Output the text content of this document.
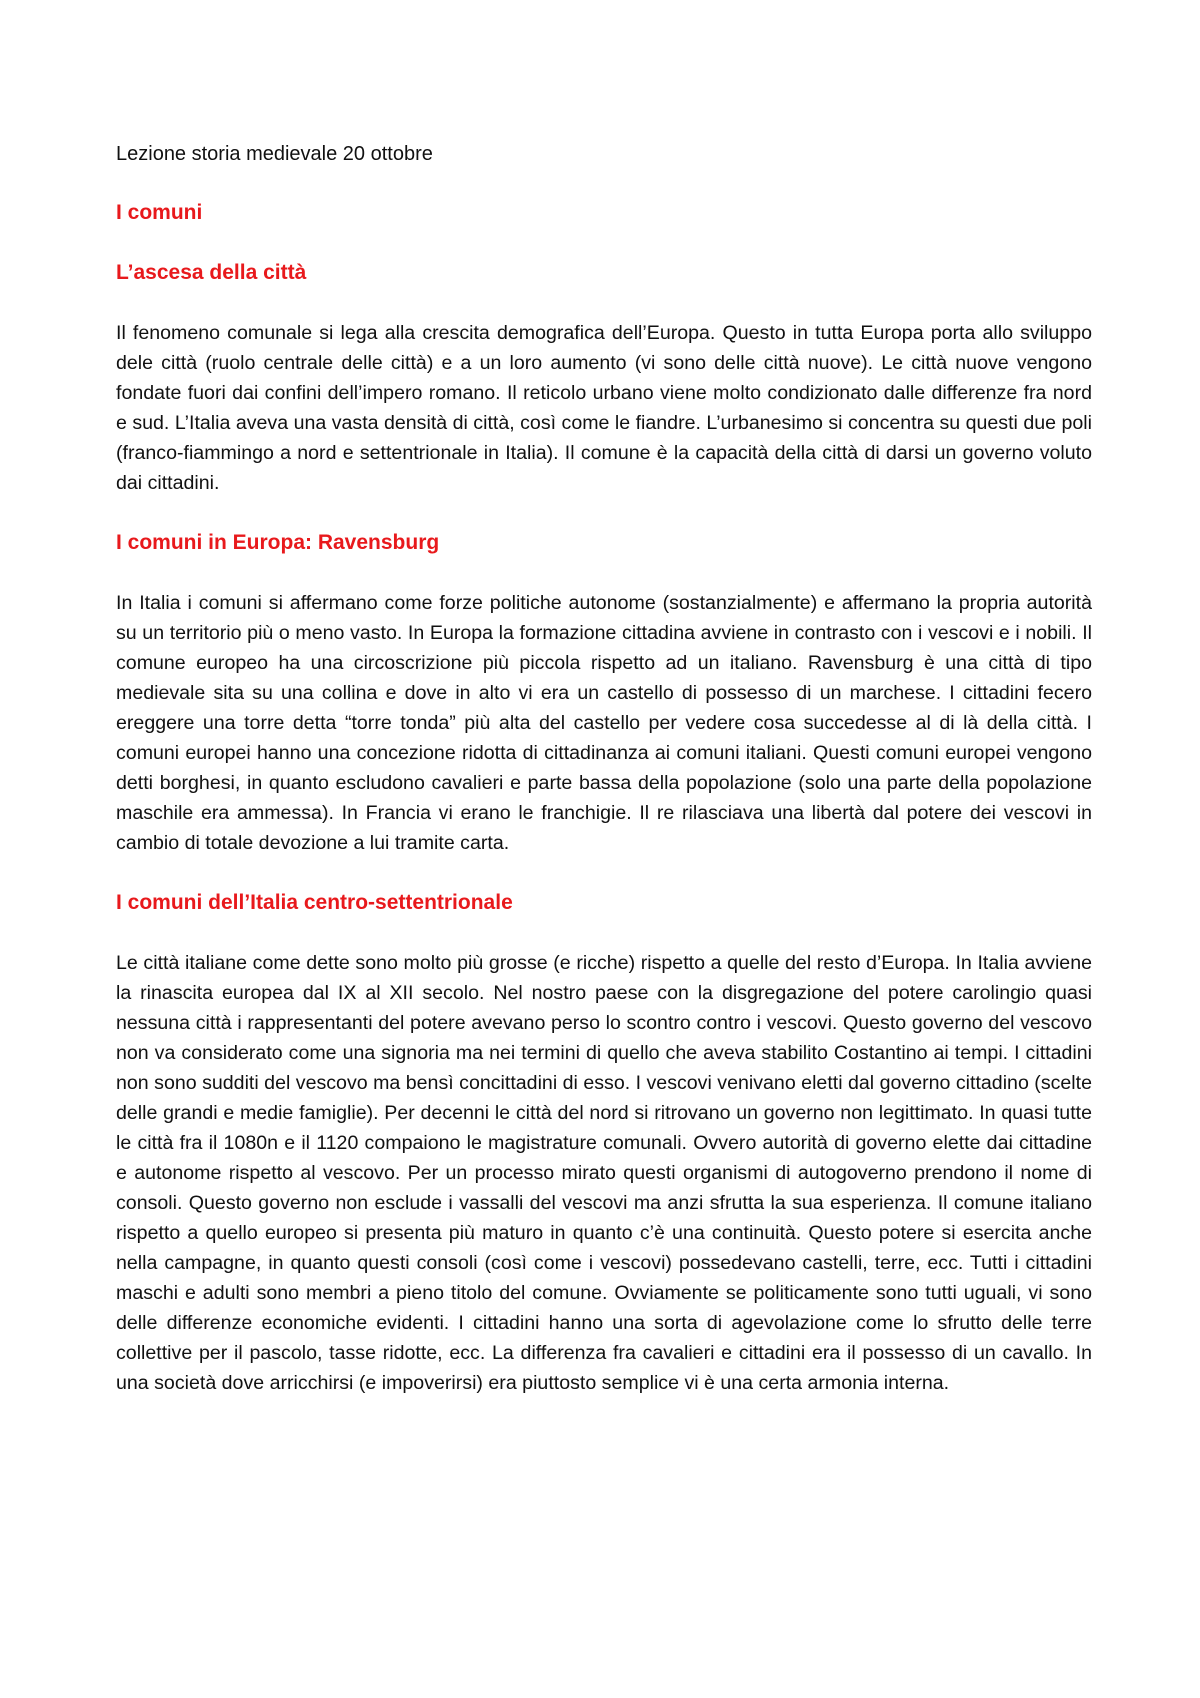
Lezione storia medievale 20 ottobre
I comuni
L’ascesa della città

Il fenomeno comunale si lega alla crescita demografica dell’Europa. Questo in tutta Europa porta allo sviluppo dele città (ruolo centrale delle città) e a un loro aumento (vi sono delle città nuove). Le città nuove vengono fondate fuori dai confini dell’impero romano. Il reticolo urbano viene molto condizionato dalle differenze fra nord e sud. L’Italia aveva una vasta densità di città, così come le fiandre. L’urbanesimo si concentra su questi due poli (franco-fiammingo a nord e settentrionale in Italia). Il comune è la capacità della città di darsi un governo voluto dai cittadini.

I comuni in Europa: Ravensburg

In Italia i comuni si affermano come forze politiche autonome (sostanzialmente) e affermano la propria autorità su un territorio più o meno vasto. In Europa la formazione cittadina avviene in contrasto con i vescovi e i nobili. Il comune europeo ha una circoscrizione più piccola rispetto ad un italiano. Ravensburg è una città di tipo medievale sita su una collina e dove in alto vi era un castello di possesso di un marchese. I cittadini fecero ereggere una torre detta “torre tonda” più alta del castello per vedere cosa succedesse al di là della città. I comuni europei hanno una concezione ridotta di cittadinanza ai comuni italiani. Questi comuni europei vengono detti borghesi, in quanto escludono cavalieri e parte bassa della popolazione (solo una parte della popolazione maschile era ammessa). In Francia vi erano le franchigie. Il re rilasciava una libertà dal potere dei vescovi in cambio di totale devozione a lui tramite carta.

I comuni dell’Italia centro-settentrionale

Le città italiane come dette sono molto più grosse (e ricche) rispetto a quelle del resto d’Europa. In Italia avviene la rinascita europea dal IX al XII secolo. Nel nostro paese con la disgregazione del potere carolingio quasi nessuna città i rappresentanti del potere avevano perso lo scontro contro i vescovi. Questo governo del vescovo non va considerato come una signoria ma nei termini di quello che aveva stabilito Costantino ai tempi. I cittadini non sono sudditi del vescovo ma bensì concittadini di esso. I vescovi venivano eletti dal governo cittadino (scelte delle grandi e medie famiglie). Per decenni le città del nord si ritrovano un governo non legittimato. In quasi tutte le città fra il 1080n e il 1120 compaiono le magistrature comunali. Ovvero autorità di governo elette dai cittadine e autonome rispetto al vescovo. Per un processo mirato questi organismi di autogoverno prendono il nome di consoli. Questo governo non esclude i vassalli del vescovi ma anzi sfrutta la sua esperienza. Il comune italiano rispetto a quello europeo si presenta più maturo in quanto c’è una continuità. Questo potere si esercita anche nella campagne, in quanto questi consoli (così come i vescovi) possedevano castelli, terre, ecc. Tutti i cittadini maschi e adulti sono membri a pieno titolo del comune. Ovviamente se politicamente sono tutti uguali, vi sono delle differenze economiche evidenti. I cittadini hanno una sorta di agevolazione come lo sfrutto delle terre collettive per il pascolo, tasse ridotte, ecc. La differenza fra cavalieri e cittadini era il possesso di un cavallo. In una società dove arricchirsi (e impoverirsi) era piuttosto semplice vi è una certa armonia interna.
